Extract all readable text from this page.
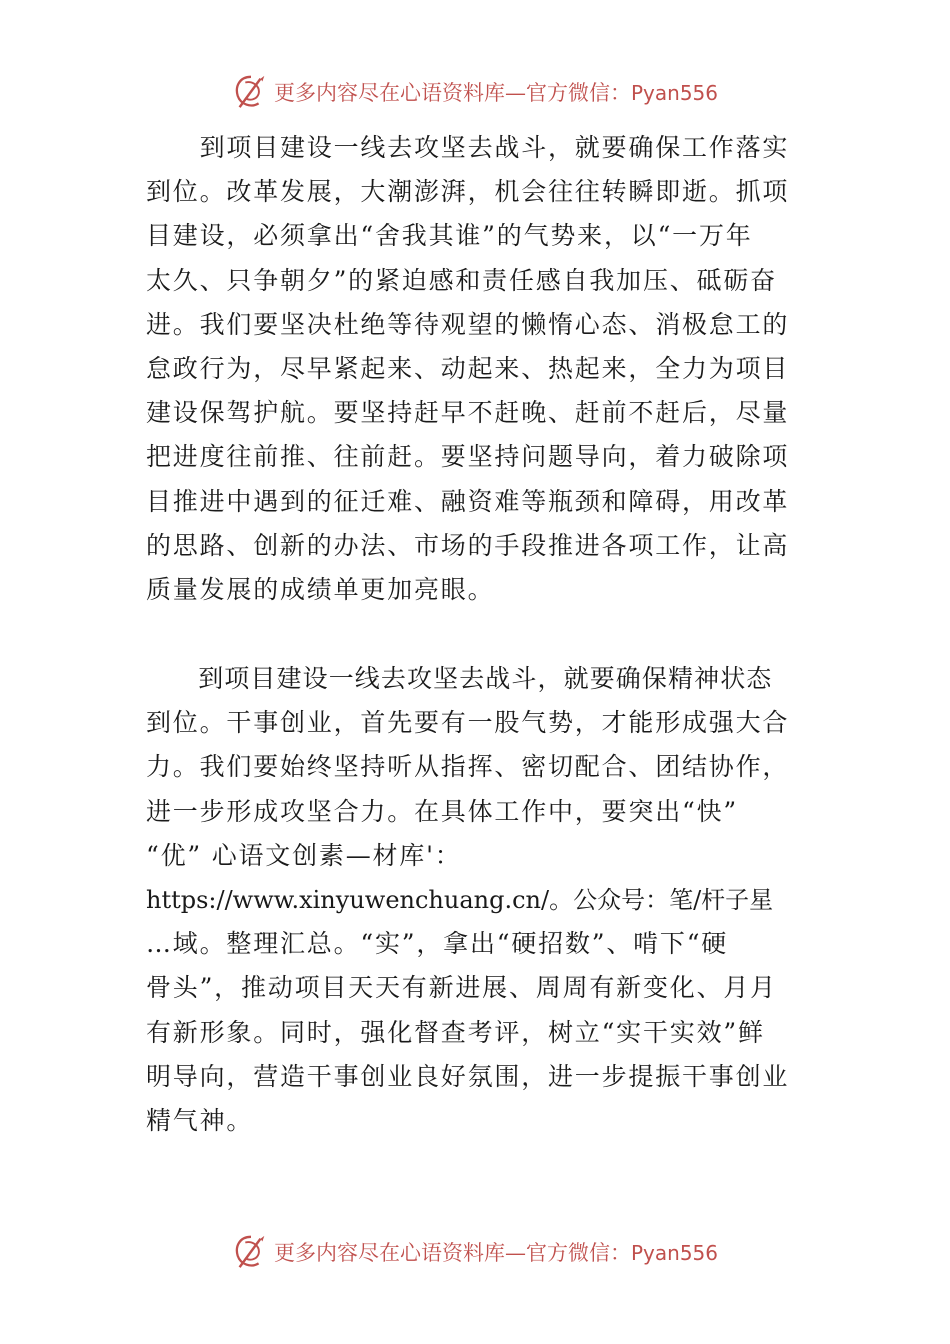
更多内容尽在心语资料库—官方微信：Pyan556
　　到项目建设一线去攻坚去战斗，就要确保工作落实
到位。改革发展，大潮澎湃，机会往往转瞬即逝。抓项
目建设，必须拿出“舍我其谁”的气势来，以“一万年
太久、只争朝夕”的紧迫感和责任感自我加压、砥砺奋
进。我们要坚决杜绝等待观望的懒惰心态、消极怠工的
怠政行为，尽早紧起来、动起来、热起来，全力为项目
建设保驾护航。要坚持赶早不赶晚、赶前不赶后，尽量
把进度往前推、往前赶。要坚持问题导向，着力破除项
目推进中遇到的征迁难、融资难等瓶颈和障碍，用改革
的思路、创新的办法、市场的手段推进各项工作，让高
质量发展的成绩单更加亮眼。
　　到项目建设一线去攻坚去战斗，就要确保精神状态
到位。干事创业，首先要有一股气势，才能形成强大合
力。我们要始终坚持听从指挥、密切配合、团结协作，
进一步形成攻坚合力。在具体工作中，要突出“快”
“优” 心语文创素—材库'：
https://www.xinyuwenchuang.cn/。公众号：笔/杆子星
…域。整理汇总。“实”，拿出“硬招数”、啃下“硬
骨头”，推动项目天天有新进展、周周有新变化、月月
有新形象。同时，强化督查考评，树立“实干实效”鲜
明导向，营造干事创业良好氛围，进一步提振干事创业
精气神。
更多内容尽在心语资料库—官方微信：Pyan556
